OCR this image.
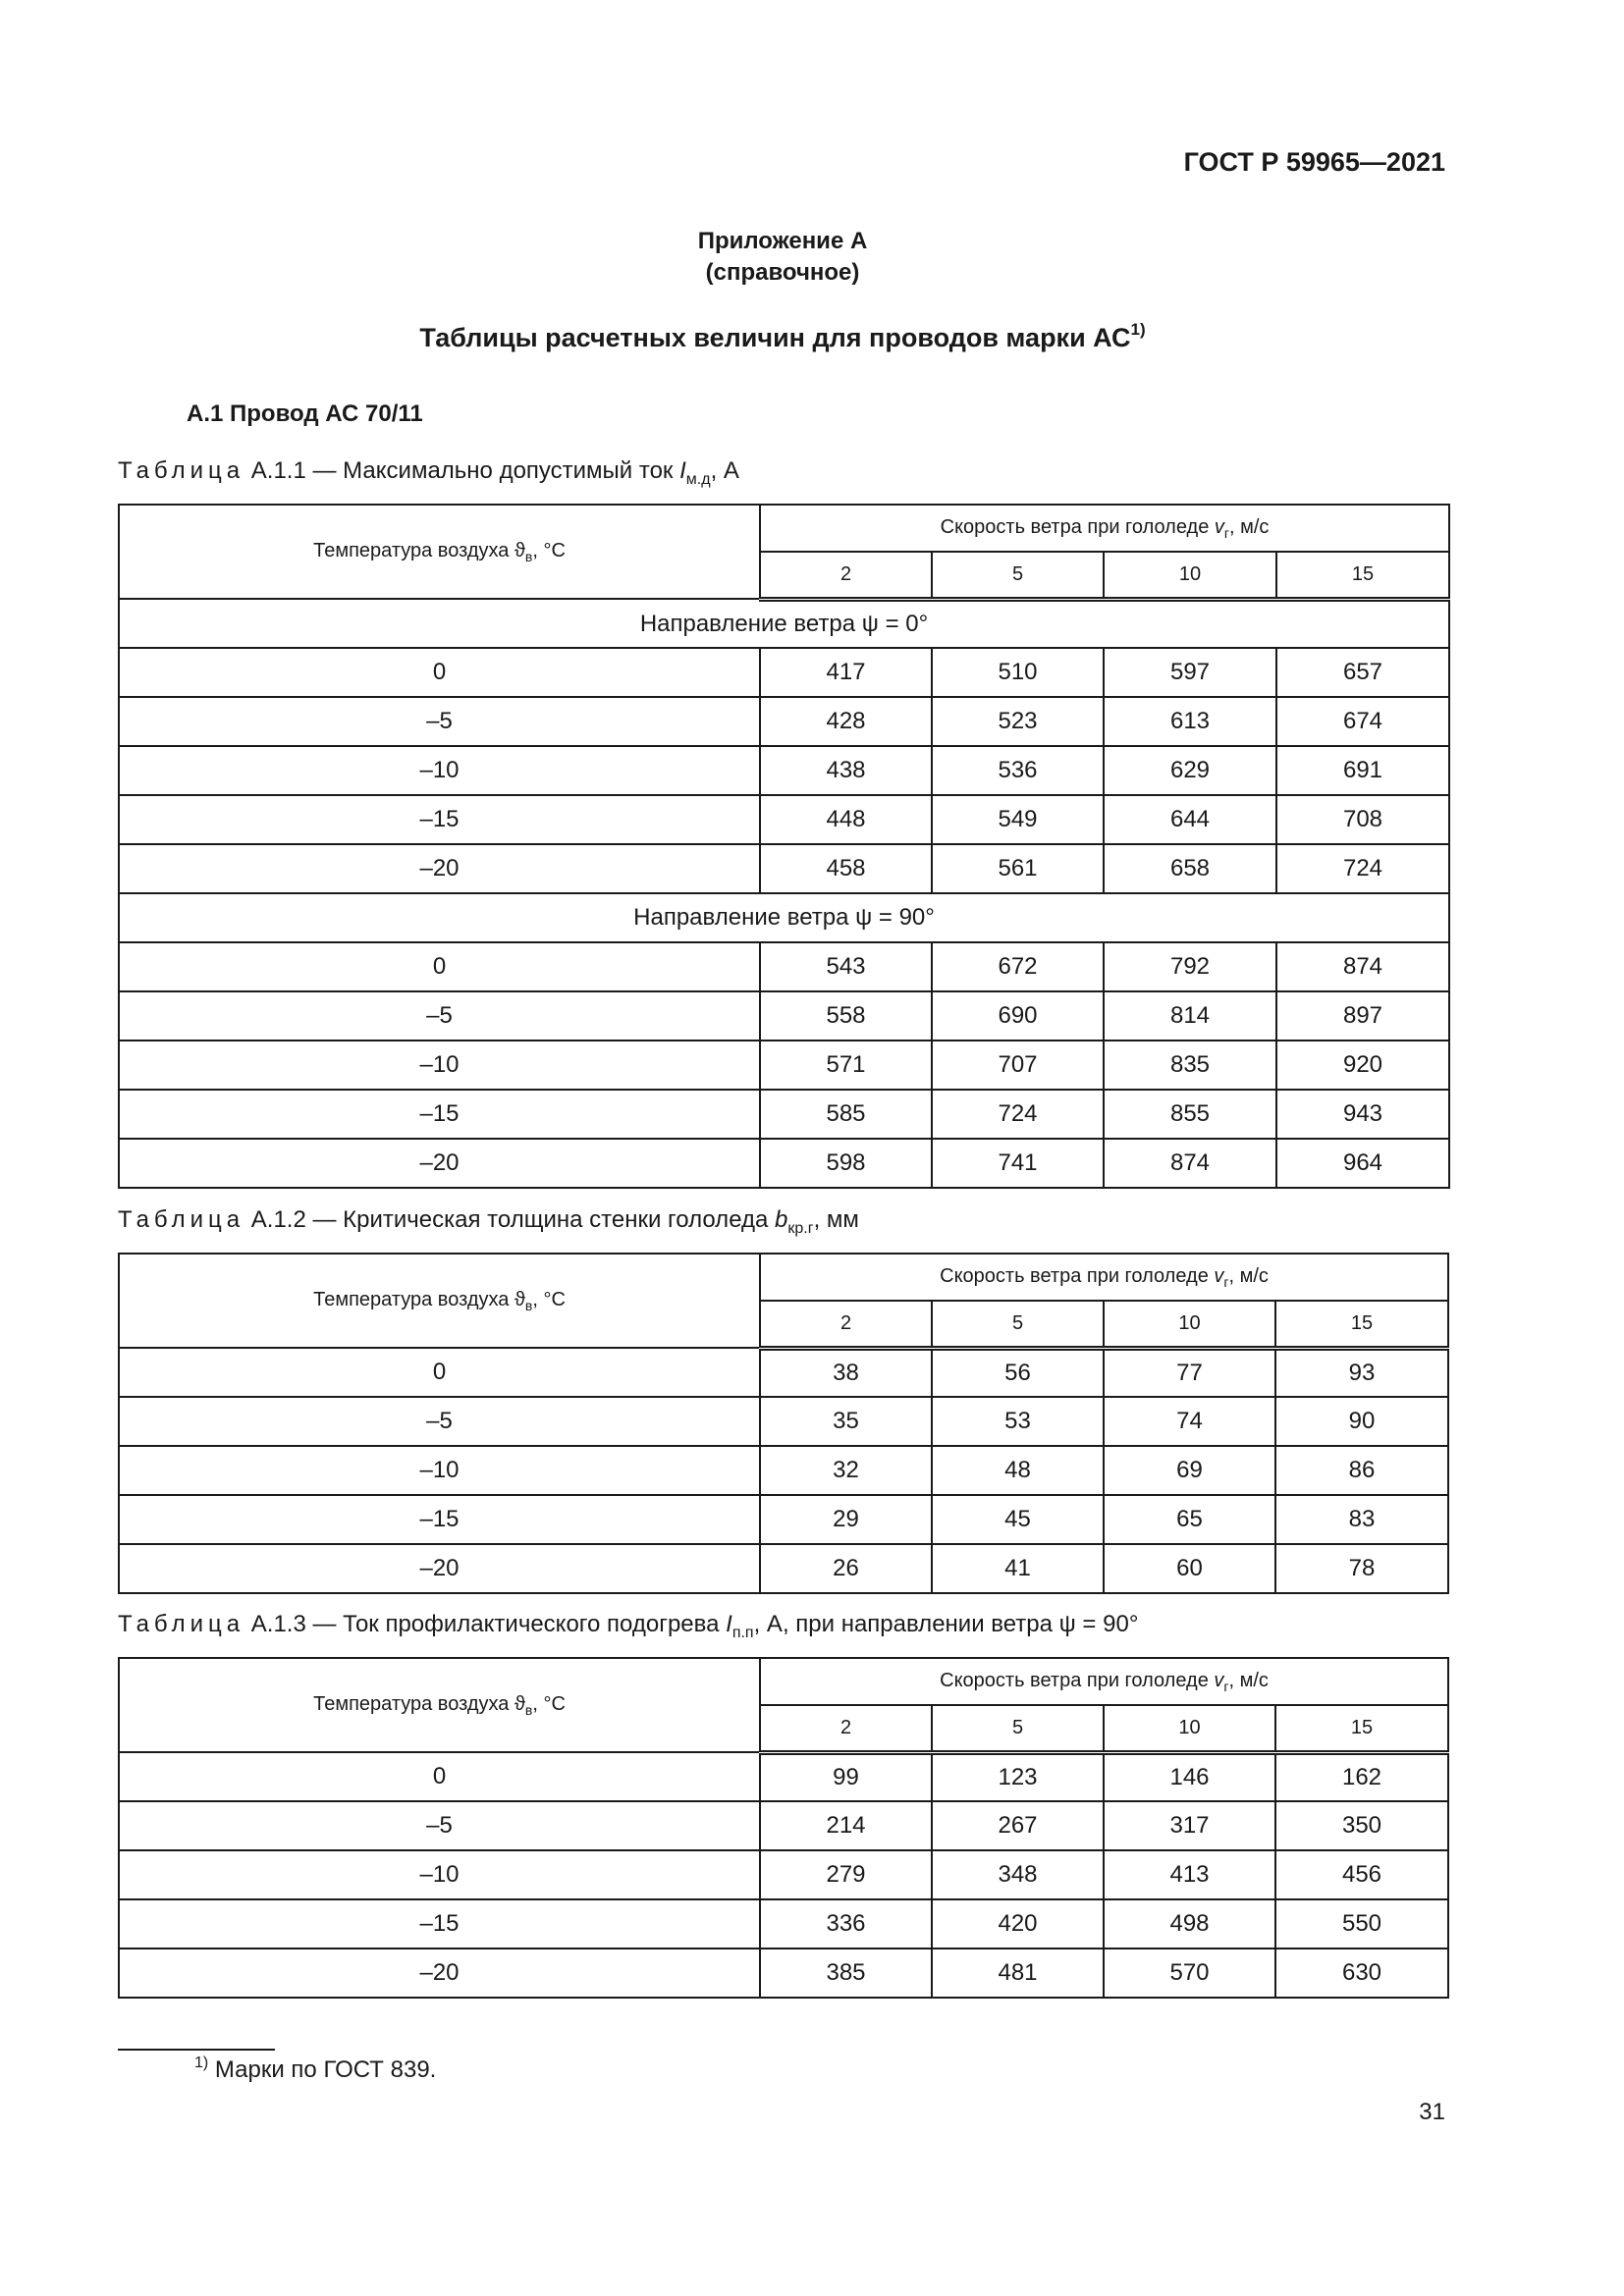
ГОСТ Р 59965—2021
Приложение А
(справочное)
Таблицы расчетных величин для проводов марки АС$^{1)}$
А.1 Провод АС 70/11
Таблица А.1.1 — Максимально допустимый ток $I_{м.д}$, А
Температура воздуха $ϑ_в$, °С	Скорость ветра при гололеде $v_г$, м/с			
	2	5	10	15
Направление ветра ψ = 0°				
0	417	510	597	657
–5	428	523	613	674
–10	438	536	629	691
–15	448	549	644	708
–20	458	561	658	724
Направление ветра ψ = 90°				
0	543	672	792	874
–5	558	690	814	897
–10	571	707	835	920
–15	585	724	855	943
–20	598	741	874	964
Таблица А.1.2 — Критическая толщина стенки гололеда $b_{кр.г}$, мм
Температура воздуха $ϑ_в$, °С	Скорость ветра при гололеде $v_г$, м/с			
	2	5	10	15
0	38	56	77	93
–5	35	53	74	90
–10	32	48	69	86
–15	29	45	65	83
–20	26	41	60	78
Таблица А.1.3 — Ток профилактического подогрева $I_{п.п}$, А, при направлении ветра ψ = 90°
Температура воздуха $ϑ_в$, °С	Скорость ветра при гололеде $v_г$, м/с			
	2	5	10	15
0	99	123	146	162
–5	214	267	317	350
–10	279	348	413	456
–15	336	420	498	550
–20	385	481	570	630
$^{1)}$ Марки по ГОСТ 839.
31
